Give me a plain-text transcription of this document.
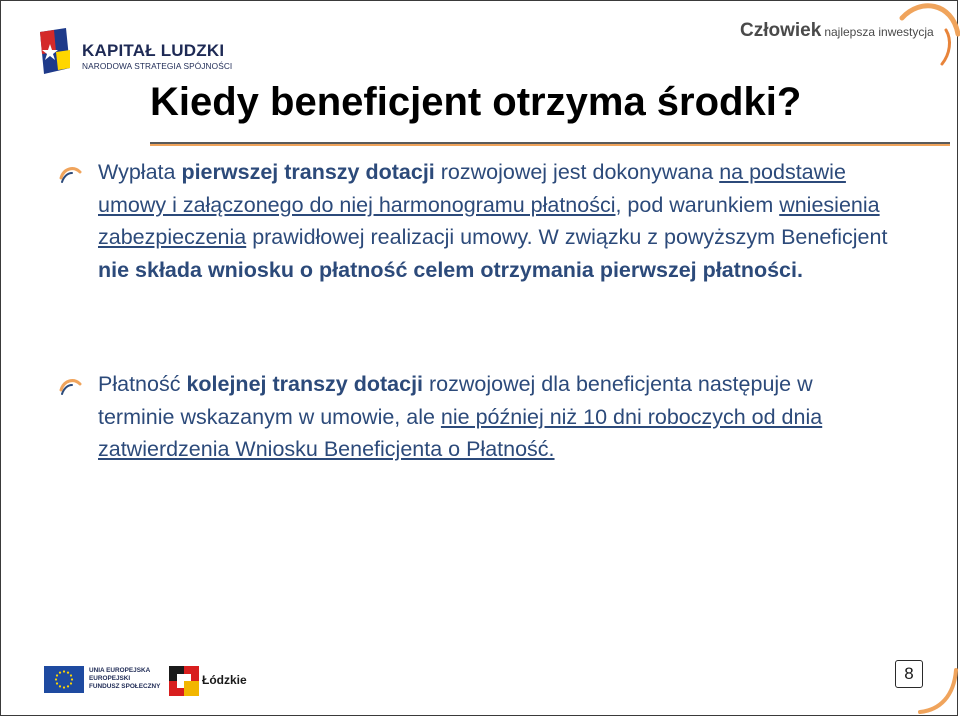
KAPITAŁ LUDZKI
NARODOWA STRATEGIA SPÓJNOŚCI
Człowiek najlepsza inwestycja
Kiedy beneficjent otrzyma środki?
Wypłata pierwszej transzy dotacji rozwojowej jest dokonywana na podstawie umowy i załączonego do niej harmonogramu płatności, pod warunkiem wniesienia zabezpieczenia prawidłowej realizacji umowy. W związku z powyższym Beneficjent nie składa wniosku o płatność celem otrzymania pierwszej płatności.
Płatność kolejnej transzy dotacji rozwojowej dla beneficjenta następuje w terminie wskazanym w umowie, ale nie później niż 10 dni roboczych od dnia zatwierdzenia Wniosku Beneficjenta o Płatność.
UNIA EUROPEJSKA
EUROPEJSKI
FUNDUSZ SPOŁECZNY	Łódzkie	8
